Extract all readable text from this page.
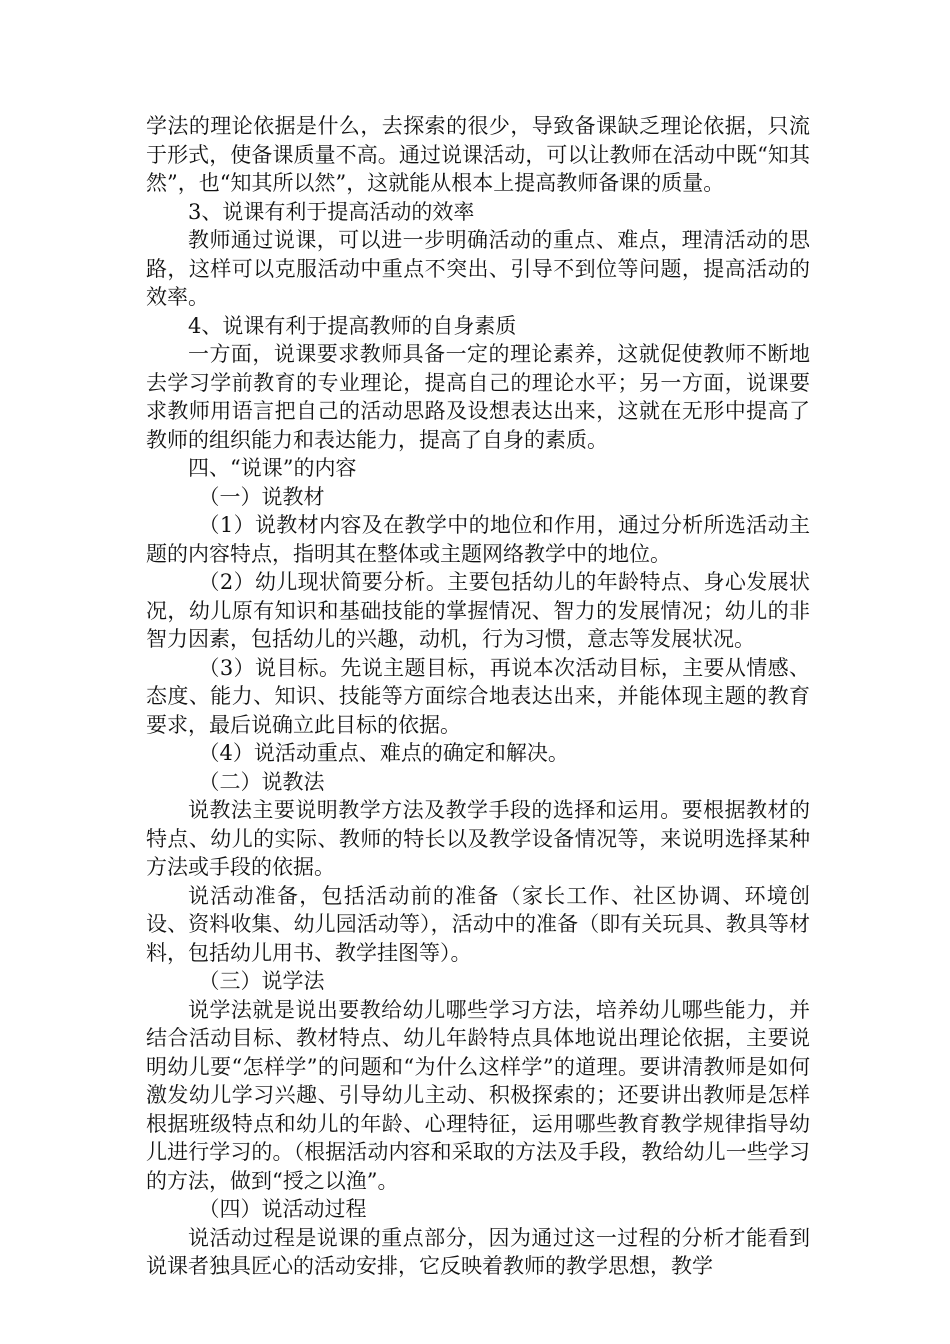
学法的理论依据是什么，去探索的很少，导致备课缺乏理论依据，只流于形式，使备课质量不高。通过说课活动，可以让教师在活动中既“知其然”，也“知其所以然”，这就能从根本上提高教师备课的质量。

3、说课有利于提高活动的效率

教师通过说课，可以进一步明确活动的重点、难点，理清活动的思路，这样可以克服活动中重点不突出、引导不到位等问题，提高活动的效率。

4、说课有利于提高教师的自身素质

一方面，说课要求教师具备一定的理论素养，这就促使教师不断地去学习学前教育的专业理论，提高自己的理论水平；另一方面，说课要求教师用语言把自己的活动思路及设想表达出来，这就在无形中提高了教师的组织能力和表达能力，提高了自身的素质。

四、“说课”的内容

（一）说教材

（1）说教材内容及在教学中的地位和作用，通过分析所选活动主题的内容特点，指明其在整体或主题网络教学中的地位。

（2）幼儿现状简要分析。主要包括幼儿的年龄特点、身心发展状况，幼儿原有知识和基础技能的掌握情况、智力的发展情况；幼儿的非智力因素，包括幼儿的兴趣，动机，行为习惯，意志等发展状况。

（3）说目标。先说主题目标，再说本次活动目标，主要从情感、态度、能力、知识、技能等方面综合地表达出来，并能体现主题的教育要求，最后说确立此目标的依据。

（4）说活动重点、难点的确定和解决。

（二）说教法

说教法主要说明教学方法及教学手段的选择和运用。要根据教材的特点、幼儿的实际、教师的特长以及教学设备情况等，来说明选择某种方法或手段的依据。

说活动准备，包括活动前的准备（家长工作、社区协调、环境创设、资料收集、幼儿园活动等），活动中的准备（即有关玩具、教具等材料，包括幼儿用书、教学挂图等）。

（三）说学法

说学法就是说出要教给幼儿哪些学习方法，培养幼儿哪些能力，并结合活动目标、教材特点、幼儿年龄特点具体地说出理论依据，主要说明幼儿要“怎样学”的问题和“为什么这样学”的道理。要讲清教师是如何激发幼儿学习兴趣、引导幼儿主动、积极探索的；还要讲出教师是怎样根据班级特点和幼儿的年龄、心理特征，运用哪些教育教学规律指导幼儿进行学习的。（根据活动内容和采取的方法及手段，教给幼儿一些学习的方法，做到“授之以渔”。

（四）说活动过程

说活动过程是说课的重点部分，因为通过这一过程的分析才能看到说课者独具匠心的活动安排，它反映着教师的教学思想，教学
